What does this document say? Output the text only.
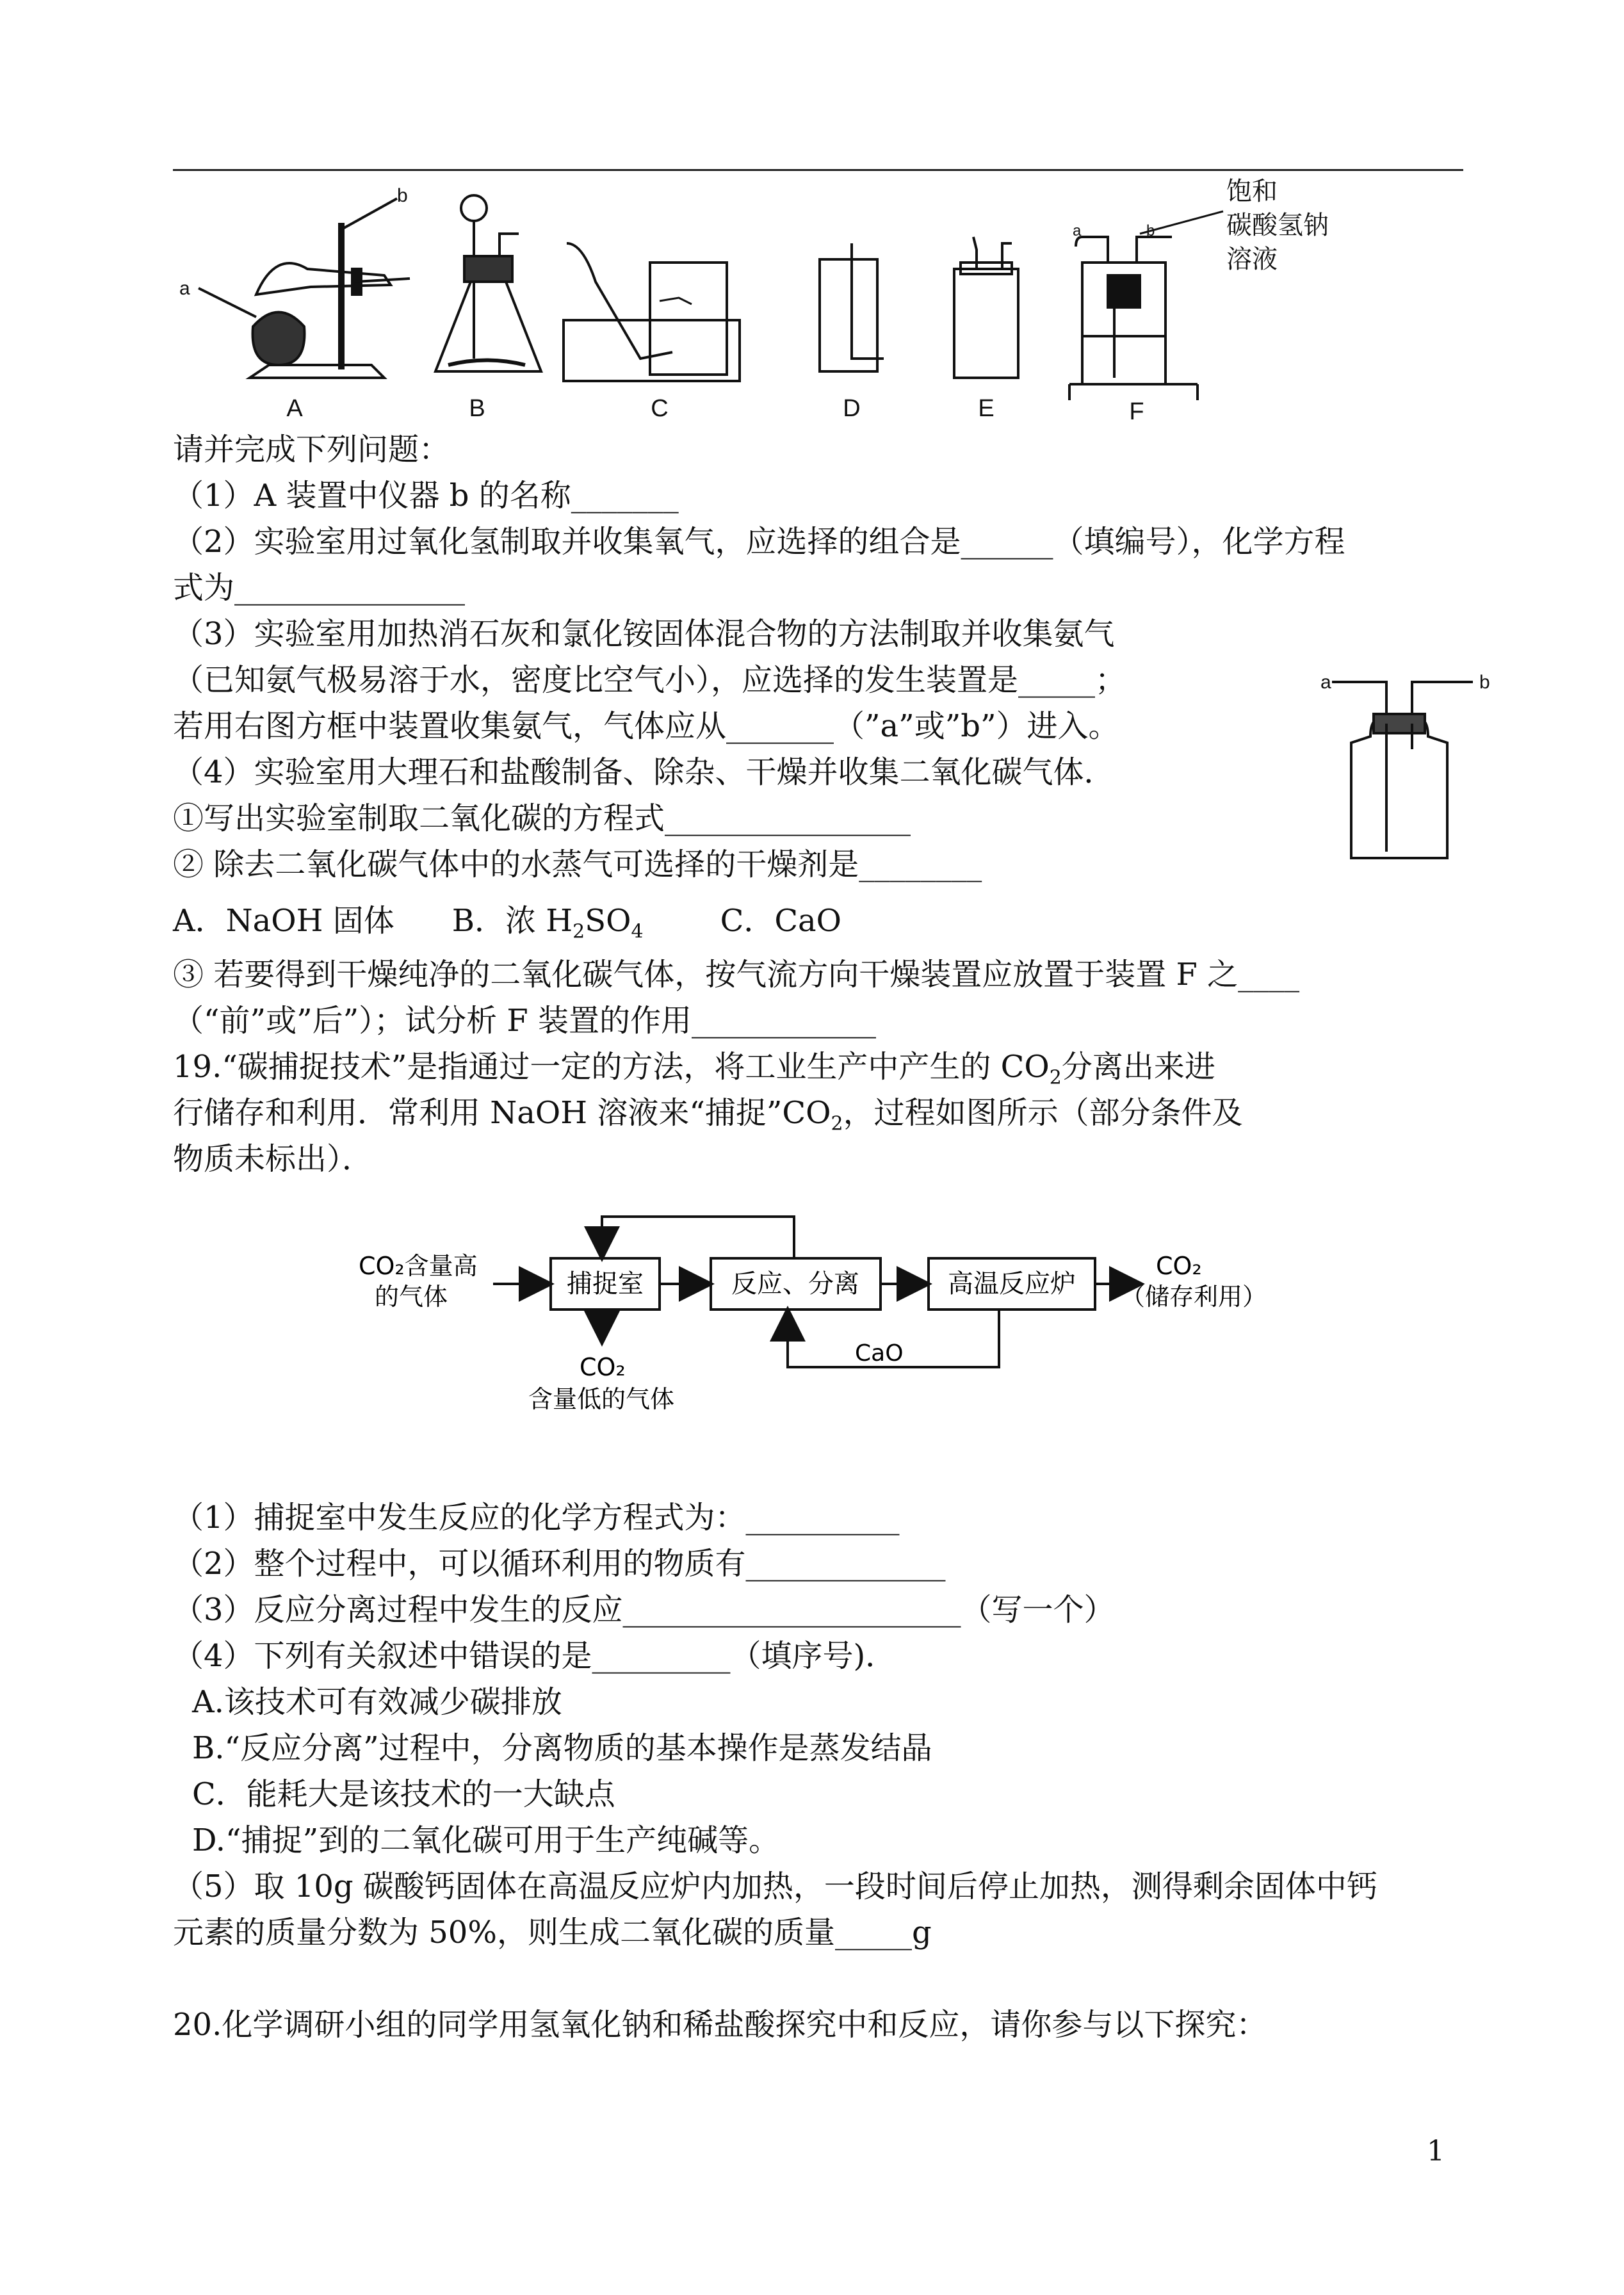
b
a
a
饱和
碳酸氢钠
溶液
A	B	C	D	E	F
a	b
请并完成下列问题：
（1）A 装置中仪器 b 的名称_______
（2）实验室用过氧化氢制取并收集氧气，应选择的组合是______（填编号），化学方程
式为_______________
（3）实验室用加热消石灰和氯化铵固体混合物的方法制取并收集氨气
（已知氨气极易溶于水，密度比空气小），应选择的发生装置是_____；
若用右图方框中装置收集氨气，气体应从_______（”a”或”b”）进入。
（4）实验室用大理石和盐酸制备、除杂、干燥并收集二氧化碳气体．
①写出实验室制取二氧化碳的方程式________________
② 除去二氧化碳气体中的水蒸气可选择的干燥剂是________
A．NaOH 固体 B．浓 $H_2SO_4$	C．CaO
③ 若要得到干燥纯净的二氧化碳气体，按气流方向干燥装置应放置于装置 F 之____
（“前”或”后”）；试分析 F 装置的作用____________
19.“碳捕捉技术”是指通过一定的方法，将工业生产中产生的 $CO_2$分离出来进
行储存和利用．常利用 NaOH 溶液来“捕捉$”CO_2$，过程如图所示（部分条件及
物质未标出）．
CO₂含量高
的气体	捕捉室	反应、分离	高温反应炉
CO₂
（储存利用）
CO₂
含量低的气体
CaO
（1）捕捉室中发生反应的化学方程式为：__________
（2）整个过程中，可以循环利用的物质有_____________
（3）反应分离过程中发生的反应______________________（写一个）
（4）下列有关叙述中错误的是_________（填序号)．
A.该技术可有效减少碳排放
B.“反应分离”过程中，分离物质的基本操作是蒸发结晶
C．能耗大是该技术的一大缺点
D.“捕捉”到的二氧化碳可用于生产纯碱等。
（5）取 10g 碳酸钙固体在高温反应炉内加热，一段时间后停止加热，测得剩余固体中钙
元素的质量分数为 50%，则生成二氧化碳的质量_____g
20.化学调研小组的同学用氢氧化钠和稀盐酸探究中和反应，请你参与以下探究：
1
